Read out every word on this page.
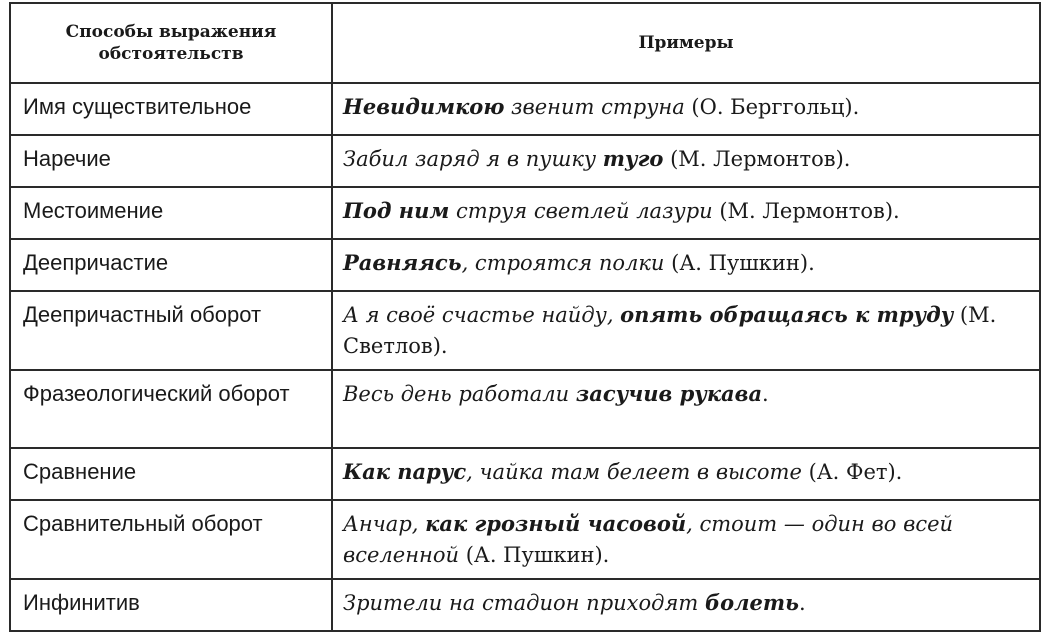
Способы выражения
обстоятельств	Примеры
Имя существительное	Невидимкою звенит струна (О. Берггольц).
Наречие	Забил заряд я в пушку туго (М. Лермонтов).
Местоимение	Под ним струя светлей лазури (М. Лермонтов).
Деепричастие	Равняясь, строятся полки (А. Пушкин).
Деепричастный оборот	А я своё счастье найду, опять обращаясь к труду (М. Светлов).
Фразеологический оборот	Весь день работали засучив рукава.
Сравнение	Как парус, чайка там белеет в высоте (А. Фет).
Сравнительный оборот	Анчар, как грозный часовой, стоит — один во всей вселенной (А. Пушкин).
Инфинитив	Зрители на стадион приходят болеть.
